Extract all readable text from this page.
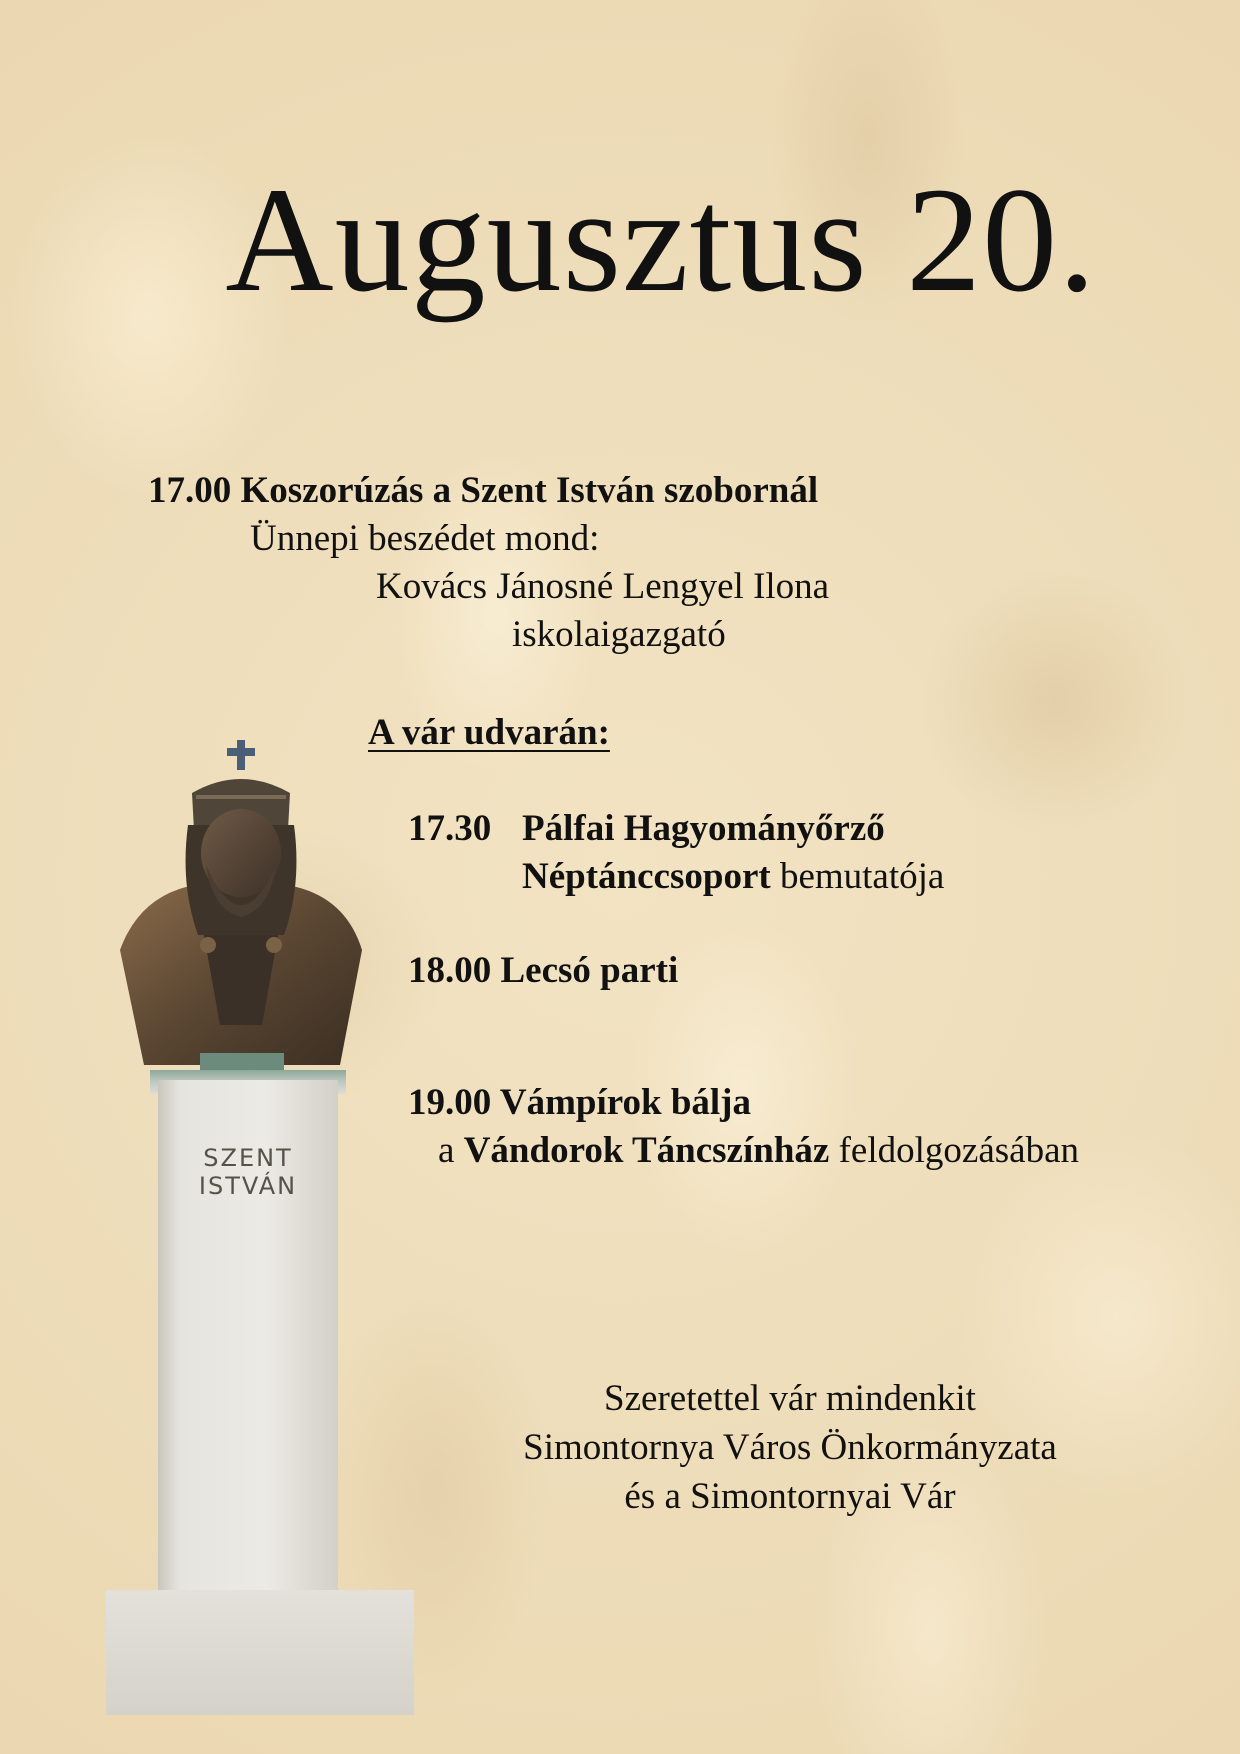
Augusztus 20.

17.00 Koszorúzás a Szent István szobornál

Ünnepi beszédet mond:

Kovács Jánosné Lengyel Ilona

iskolaigazgató

A vár udvarán:

17.30 Pálfai Hagyományőrző

Néptánccsoport bemutatója

18.00 Lecsó parti

19.00 Vámpírok bálja

a Vándorok Táncszínház feldolgozásában

Szeretettel vár mindenkit
Simontornya Város Önkormányzata
és a Simontornyai Vár
SZENT
ISTVÁN
